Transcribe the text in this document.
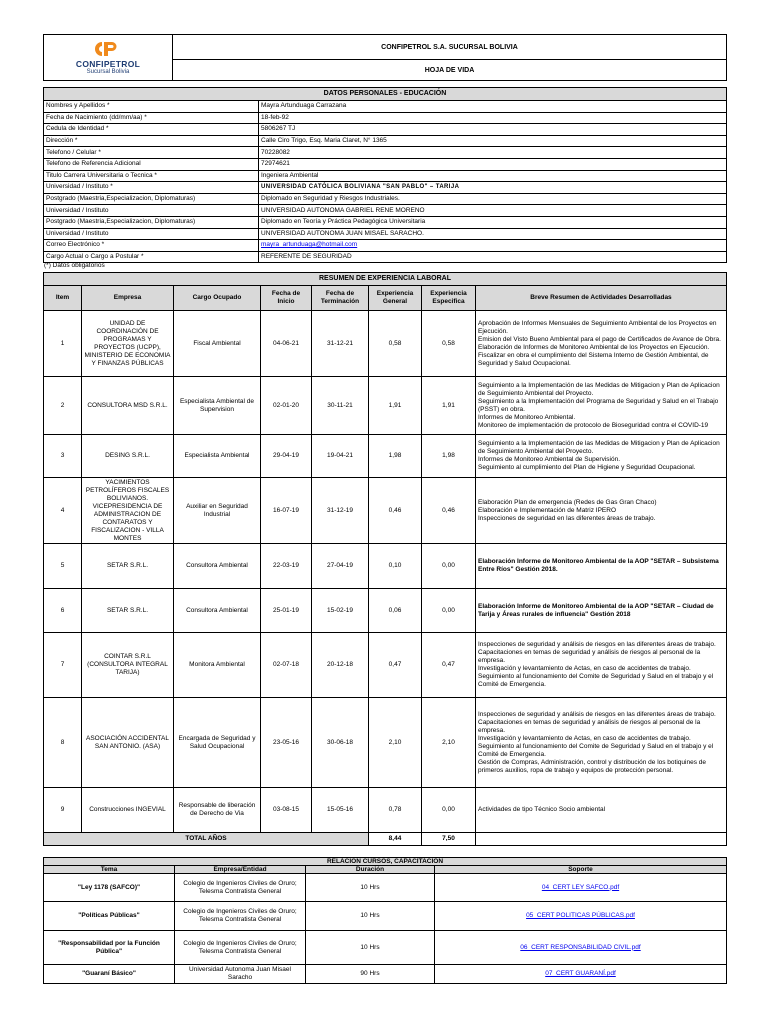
CONFIPETROL
Sucursal Bolivia
	CONFIPETROL S.A. SUCURSAL BOLIVIA
HOJA DE VIDA
DATOS PERSONALES - EDUCACIÓN	
Nombres y Apellidos *	Mayra Artunduaga Carrazana
Fecha de Nacimiento (dd/mm/aa) *	18-feb-92
Cedula de Identidad *	5806267 TJ
Dirección *	Calle Ciro Trigo, Esq. Maria Claret, N° 1365
Telefono / Celular *	70228082
Telefono de Referencia Adicional	72974621
Titulo Carrera Universitaria o Tecnica *	Ingeniera Ambiental
Universidad / Instituto *	UNIVERSIDAD CATÓLICA BOLIVIANA "SAN PABLO" – TARIJA
Postgrado (Maestria,Especializacion, Diplomaturas)	Diplomado en Seguridad y Riesgos Industriales.
Universidad / Instituto	UNIVERSIDAD AUTONOMA GABRIEL RENE MORENO
Postgrado (Maestria,Especializacion, Diplomaturas)	Diplomado en Teoría y Práctica Pedagógica Universitaria
Universidad / Instituto	UNIVERSIDAD AUTONOMA JUAN MISAEL SARACHO.
Correo Electrónico *	mayra_artunduaga@hotmail.com
Cargo Actual o Cargo a Postular *	REFERENTE DE SEGURIDAD
(*) Datos obligatorios
RESUMEN DE EXPERIENCIA LABORAL							
Item	Empresa	Cargo Ocupado	Fecha de Inicio	Fecha de Terminación	Experiencia General	Experiencia Especifica	Breve Resumen de Actividades Desarrolladas
1	UNIDAD DE COORDINACIÓN DE PROGRAMAS Y PROYECTOS (UCPP), MINISTERIO DE ECONOMIA Y FINANZAS PÚBLICAS	Fiscal Ambiental	04-06-21	31-12-21	0,58	0,58	Aprobación de Informes Mensuales de Seguimiento Ambiental de los Proyectos en Ejecución.
Emision del Visto Bueno Ambiental para el pago de Certificados de Avance de Obra.
Elaboración de Informes de Monitoreo Ambiental de los Proyectos en Ejecución.
Fiscalizar en obra el cumplimiento del Sistema Interno de Gestión Ambiental, de Seguridad y Salud Ocupacional.

2	CONSULTORA MSD S.R.L.	Especialista Ambiental de Supervision	02-01-20	30-11-21	1,91	1,91	Seguimiento a la Implementación de las Medidas de Mitigacion y Plan de Aplicacion de Seguimiento Ambiental del Proyecto.
Seguimiento a la Implementación del Programa de Seguridad y Salud en el Trabajo (PSST) en obra.
Informes de Monitoreo Ambiental.
Monitoreo de implementación de protocolo de Bioseguridad contra el COVID-19

3	DESING S.R.L.	Especialista Ambiental	29-04-19	19-04-21	1,98	1,98	Seguimiento a la Implementación de las Medidas de Mitigacion y Plan de Aplicacion de Seguimiento Ambiental del Proyecto.
Informes de Monitoreo Ambiental de Supervisión.
Seguimiento al cumplimiento del Plan de Higiene y Seguridad Ocupacional.

4	YACIMIENTOS PETROLÍFEROS FISCALES BOLIVIANOS. VICEPRESIDENCIA DE ADMINISTRACION DE CONTARATOS Y FISCALIZACION - VILLA MONTES	Auxiliar en Seguridad Industrial	16-07-19	31-12-19	0,46	0,46	Elaboración Plan de emergencia (Redes de Gas Gran Chaco)
Elaboración e Implementación de Matriz IPERO
Inspecciones de seguridad en las diferentes áreas de trabajo.

5	SETAR S.R.L.	Consultora Ambiental	22-03-19	27-04-19	0,10	0,00	Elaboración Informe de Monitoreo Ambiental de la AOP "SETAR – Subsistema Entre Ríos" Gestión 2018.

6	SETAR S.R.L.	Consultora Ambiental	25-01-19	15-02-19	0,06	0,00	Elaboración Informe de Monitoreo Ambiental de la AOP "SETAR – Ciudad de Tarija y Áreas rurales de influencia" Gestión 2018

7	COINTAR S.R.L (CONSULTORA INTEGRAL TARIJA)	Monitora Ambiental	02-07-18	20-12-18	0,47	0,47	Inspecciones de seguridad y análisis de riesgos en las diferentes áreas de trabajo.
Capacitaciones en temas de seguridad y análisis de riesgos al personal de la empresa.
Investigación y levantamiento de Actas, en caso de accidentes de trabajo.
Seguimiento al funcionamiento del Comite de Seguridad y Salud en el trabajo y el Comité de Emergencia.

8	ASOCIACIÓN ACCIDENTAL SAN ANTONIO. (ASA)	Encargada de Seguridad y Salud Ocupacional	23-05-16	30-06-18	2,10	2,10	Inspecciones de seguridad y análisis de riesgos en las diferentes áreas de trabajo.
Capacitaciones en temas de seguridad y análisis de riesgos al personal de la empresa.
Investigación y levantamiento de Actas, en caso de accidentes de trabajo.
Seguimiento al funcionamiento del Comite de Seguridad y Salud en el trabajo y el Comité de Emergencia.
Gestión de Compras, Administración, control y distribución de los botiquines de primeros auxilios, ropa de trabajo y equipos de protección personal.

9	Construcciones INGEVIAL	Responsable de liberación de Derecho de Via	03-08-15	15-05-16	0,78	0,00	Actividades de tipo Técnico Socio ambiental

TOTAL AÑOS					8,44	7,50	
RELACION CURSOS, CAPACITACION			
Tema	Empresa/Entidad	Duración	Soporte
"Ley 1178 (SAFCO)"	Colegio de Ingenieros Civiles de Oruro; Telesma Contratista General	10 Hrs	04_CERT LEY SAFCO.pdf
"Políticas Públicas"	Colegio de Ingenieros Civiles de Oruro; Telesma Contratista General	10 Hrs	05_CERT POLITICAS PÚBLICAS.pdf
"Responsabilidad por la Función Pública"	Colegio de Ingenieros Civiles de Oruro; Telesma Contratista General	10 Hrs	06_CERT RESPONSABILIDAD CIVIL.pdf
"Guaraní Básico"	Universidad Autonoma Juan Misael Saracho	90 Hrs	07_CERT GUARANÍ.pdf
